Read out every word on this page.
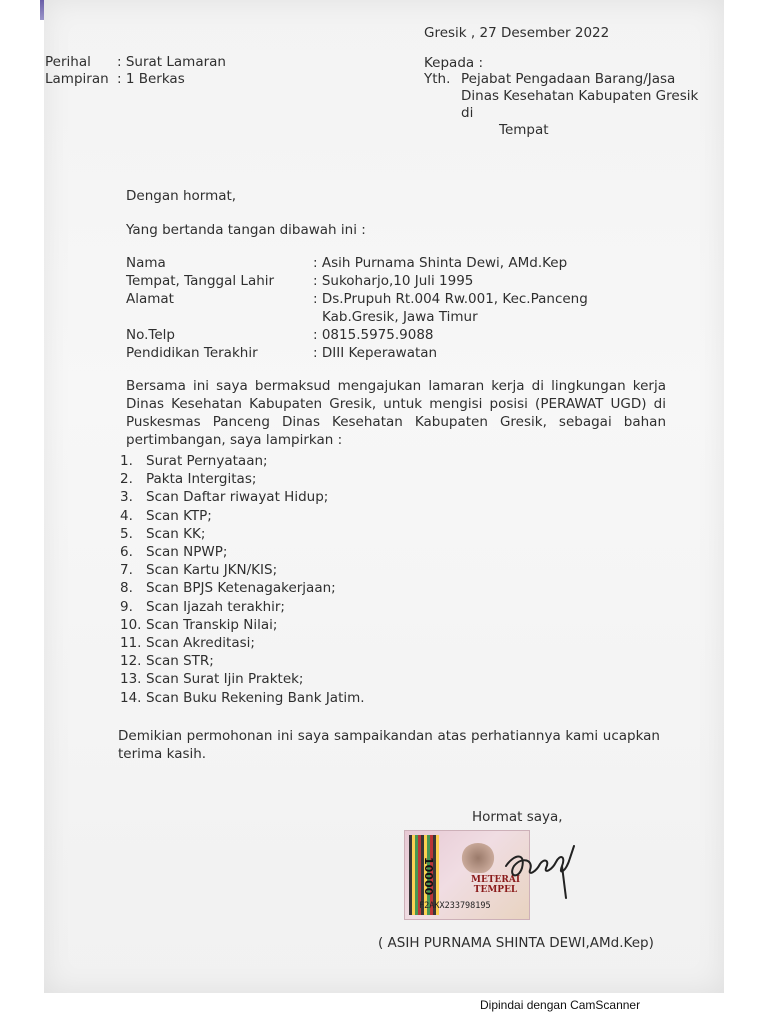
Gresik , 27 Desember 2022
Perihal : Surat Lamaran
Lampiran : 1 Berkas
Kepada :
Yth. Pejabat Pengadaan Barang/Jasa
Dinas Kesehatan Kabupaten Gresik
di
Tempat
Dengan hormat,
Yang bertanda tangan dibawah ini :
Nama	: Asih Purnama Shinta Dewi, AMd.Kep
Tempat, Tanggal Lahir	: Sukoharjo,10 Juli 1995
Alamat	: Ds.Prupuh Rt.004 Rw.001, Kec.Panceng
Kab.Gresik, Jawa Timur
No.Telp	: 0815.5975.9088
Pendidikan Terakhir	: DIII Keperawatan
Bersama ini saya bermaksud mengajukan lamaran kerja di lingkungan kerja Dinas Kesehatan Kabupaten Gresik, untuk mengisi posisi (PERAWAT UGD) di Puskesmas Panceng Dinas Kesehatan Kabupaten Gresik, sebagai bahan pertimbangan, saya lampirkan :
1. Surat Pernyataan;
2. Pakta Intergitas;
3. Scan Daftar riwayat Hidup;
4. Scan KTP;
5. Scan KK;
6. Scan NPWP;
7. Scan Kartu JKN/KIS;
8. Scan BPJS Ketenagakerjaan;
9. Scan Ijazah terakhir;
10. Scan Transkip Nilai;
11. Scan Akreditasi;
12. Scan STR;
13. Scan Surat Ijin Praktek;
14. Scan Buku Rekening Bank Jatim.
Demikian permohonan ini saya sampaikandan atas perhatiannya kami ucapkan terima kasih.
Hormat saya,
10000	METERAI
TEMPEL
F2AKX233798195
( ASIH PURNAMA SHINTA DEWI,AMd.Kep)
Dipindai dengan CamScanner
